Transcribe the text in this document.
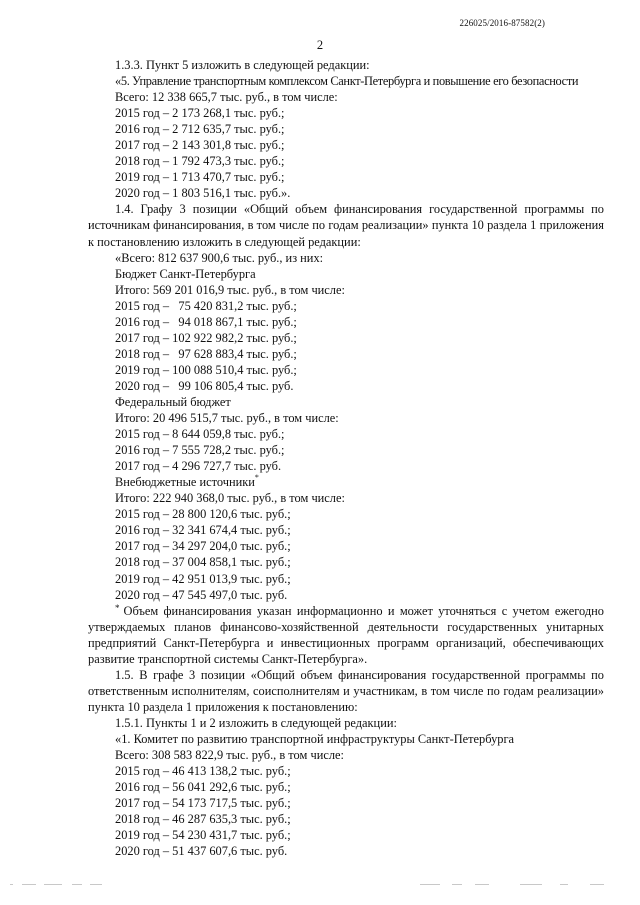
226025/2016-87582(2)
2
1.3.3. Пункт 5 изложить в следующей редакции:
«5. Управление транспортным комплексом Санкт-Петербурга и повышение его безопасности
Всего: 12 338 665,7 тыс. руб., в том числе:
2015 год – 2 173 268,1 тыс. руб.;
2016 год – 2 712 635,7 тыс. руб.;
2017 год – 2 143 301,8 тыс. руб.;
2018 год – 1 792 473,3 тыс. руб.;
2019 год – 1 713 470,7 тыс. руб.;
2020 год – 1 803 516,1 тыс. руб.».

1.4. Графу 3 позиции «Общий объем финансирования государственной программы по источникам финансирования, в том числе по годам реализации» пункта 10 раздела 1 приложения к постановлению изложить в следующей редакции:

«Всего: 812 637 900,6 тыс. руб., из них:
Бюджет Санкт-Петербурга
Итого: 569 201 016,9 тыс. руб., в том числе:
2015 год –   75 420 831,2 тыс. руб.;
2016 год –   94 018 867,1 тыс. руб.;
2017 год – 102 922 982,2 тыс. руб.;
2018 год –   97 628 883,4 тыс. руб.;
2019 год – 100 088 510,4 тыс. руб.;
2020 год –   99 106 805,4 тыс. руб.
Федеральный бюджет
Итого: 20 496 515,7 тыс. руб., в том числе:
2015 год – 8 644 059,8 тыс. руб.;
2016 год – 7 555 728,2 тыс. руб.;
2017 год – 4 296 727,7 тыс. руб.
Внебюджетные источники*
Итого: 222 940 368,0 тыс. руб., в том числе:
2015 год – 28 800 120,6 тыс. руб.;
2016 год – 32 341 674,4 тыс. руб.;
2017 год – 34 297 204,0 тыс. руб.;
2018 год – 37 004 858,1 тыс. руб.;
2019 год – 42 951 013,9 тыс. руб.;
2020 год – 47 545 497,0 тыс. руб.

* Объем финансирования указан информационно и может уточняться с учетом ежегодно утверждаемых планов финансово-хозяйственной деятельности государственных унитарных предприятий Санкт-Петербурга и инвестиционных программ организаций, обеспечивающих развитие транспортной системы Санкт-Петербурга».

1.5. В графе 3 позиции «Общий объем финансирования государственной программы по ответственным исполнителям, соисполнителям и участникам, в том числе по годам реализации» пункта 10 раздела 1 приложения к постановлению:

1.5.1. Пункты 1 и 2 изложить в следующей редакции:
«1. Комитет по развитию транспортной инфраструктуры Санкт-Петербурга
Всего: 308 583 822,9 тыс. руб., в том числе:
2015 год – 46 413 138,2 тыс. руб.;
2016 год – 56 041 292,6 тыс. руб.;
2017 год – 54 173 717,5 тыс. руб.;
2018 год – 46 287 635,3 тыс. руб.;
2019 год – 54 230 431,7 тыс. руб.;
2020 год – 51 437 607,6 тыс. руб.
